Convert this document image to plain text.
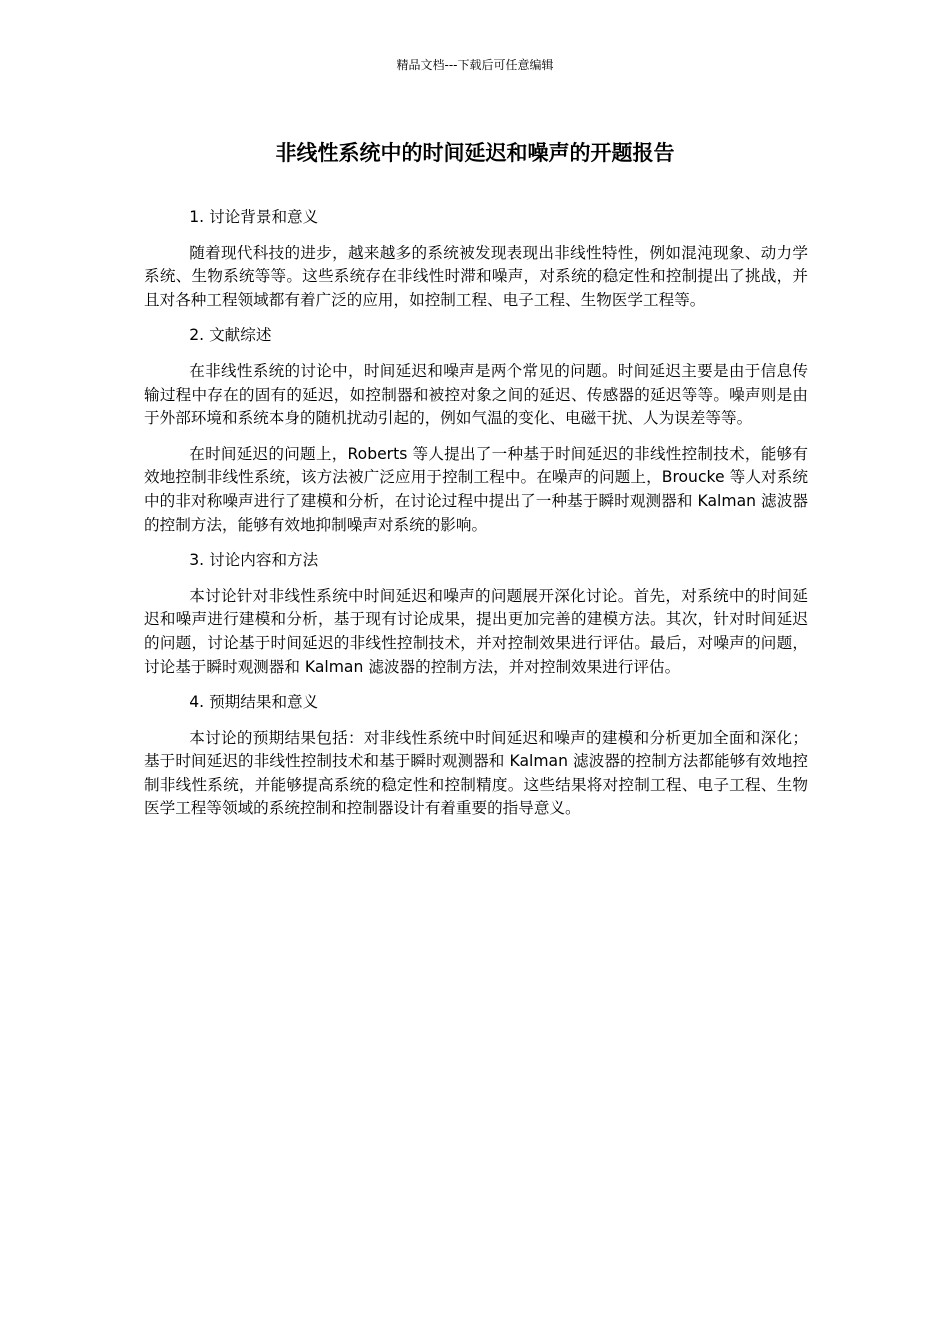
精品文档---下载后可任意编辑
非线性系统中的时间延迟和噪声的开题报告

1. 讨论背景和意义

随着现代科技的进步，越来越多的系统被发现表现出非线性特性，例如混沌现象、动力学系统、生物系统等等。这些系统存在非线性时滞和噪声，对系统的稳定性和控制提出了挑战，并且对各种工程领域都有着广泛的应用，如控制工程、电子工程、生物医学工程等。

2. 文献综述

在非线性系统的讨论中，时间延迟和噪声是两个常见的问题。时间延迟主要是由于信息传输过程中存在的固有的延迟，如控制器和被控对象之间的延迟、传感器的延迟等等。噪声则是由于外部环境和系统本身的随机扰动引起的，例如气温的变化、电磁干扰、人为误差等等。

在时间延迟的问题上，Roberts 等人提出了一种基于时间延迟的非线性控制技术，能够有效地控制非线性系统，该方法被广泛应用于控制工程中。在噪声的问题上，Broucke 等人对系统中的非对称噪声进行了建模和分析，在讨论过程中提出了一种基于瞬时观测器和 Kalman 滤波器的控制方法，能够有效地抑制噪声对系统的影响。

3. 讨论内容和方法

本讨论针对非线性系统中时间延迟和噪声的问题展开深化讨论。首先，对系统中的时间延迟和噪声进行建模和分析，基于现有讨论成果，提出更加完善的建模方法。其次，针对时间延迟的问题，讨论基于时间延迟的非线性控制技术，并对控制效果进行评估。最后，对噪声的问题，讨论基于瞬时观测器和 Kalman 滤波器的控制方法，并对控制效果进行评估。

4. 预期结果和意义

本讨论的预期结果包括：对非线性系统中时间延迟和噪声的建模和分析更加全面和深化；基于时间延迟的非线性控制技术和基于瞬时观测器和 Kalman 滤波器的控制方法都能够有效地控制非线性系统，并能够提高系统的稳定性和控制精度。这些结果将对控制工程、电子工程、生物医学工程等领域的系统控制和控制器设计有着重要的指导意义。
